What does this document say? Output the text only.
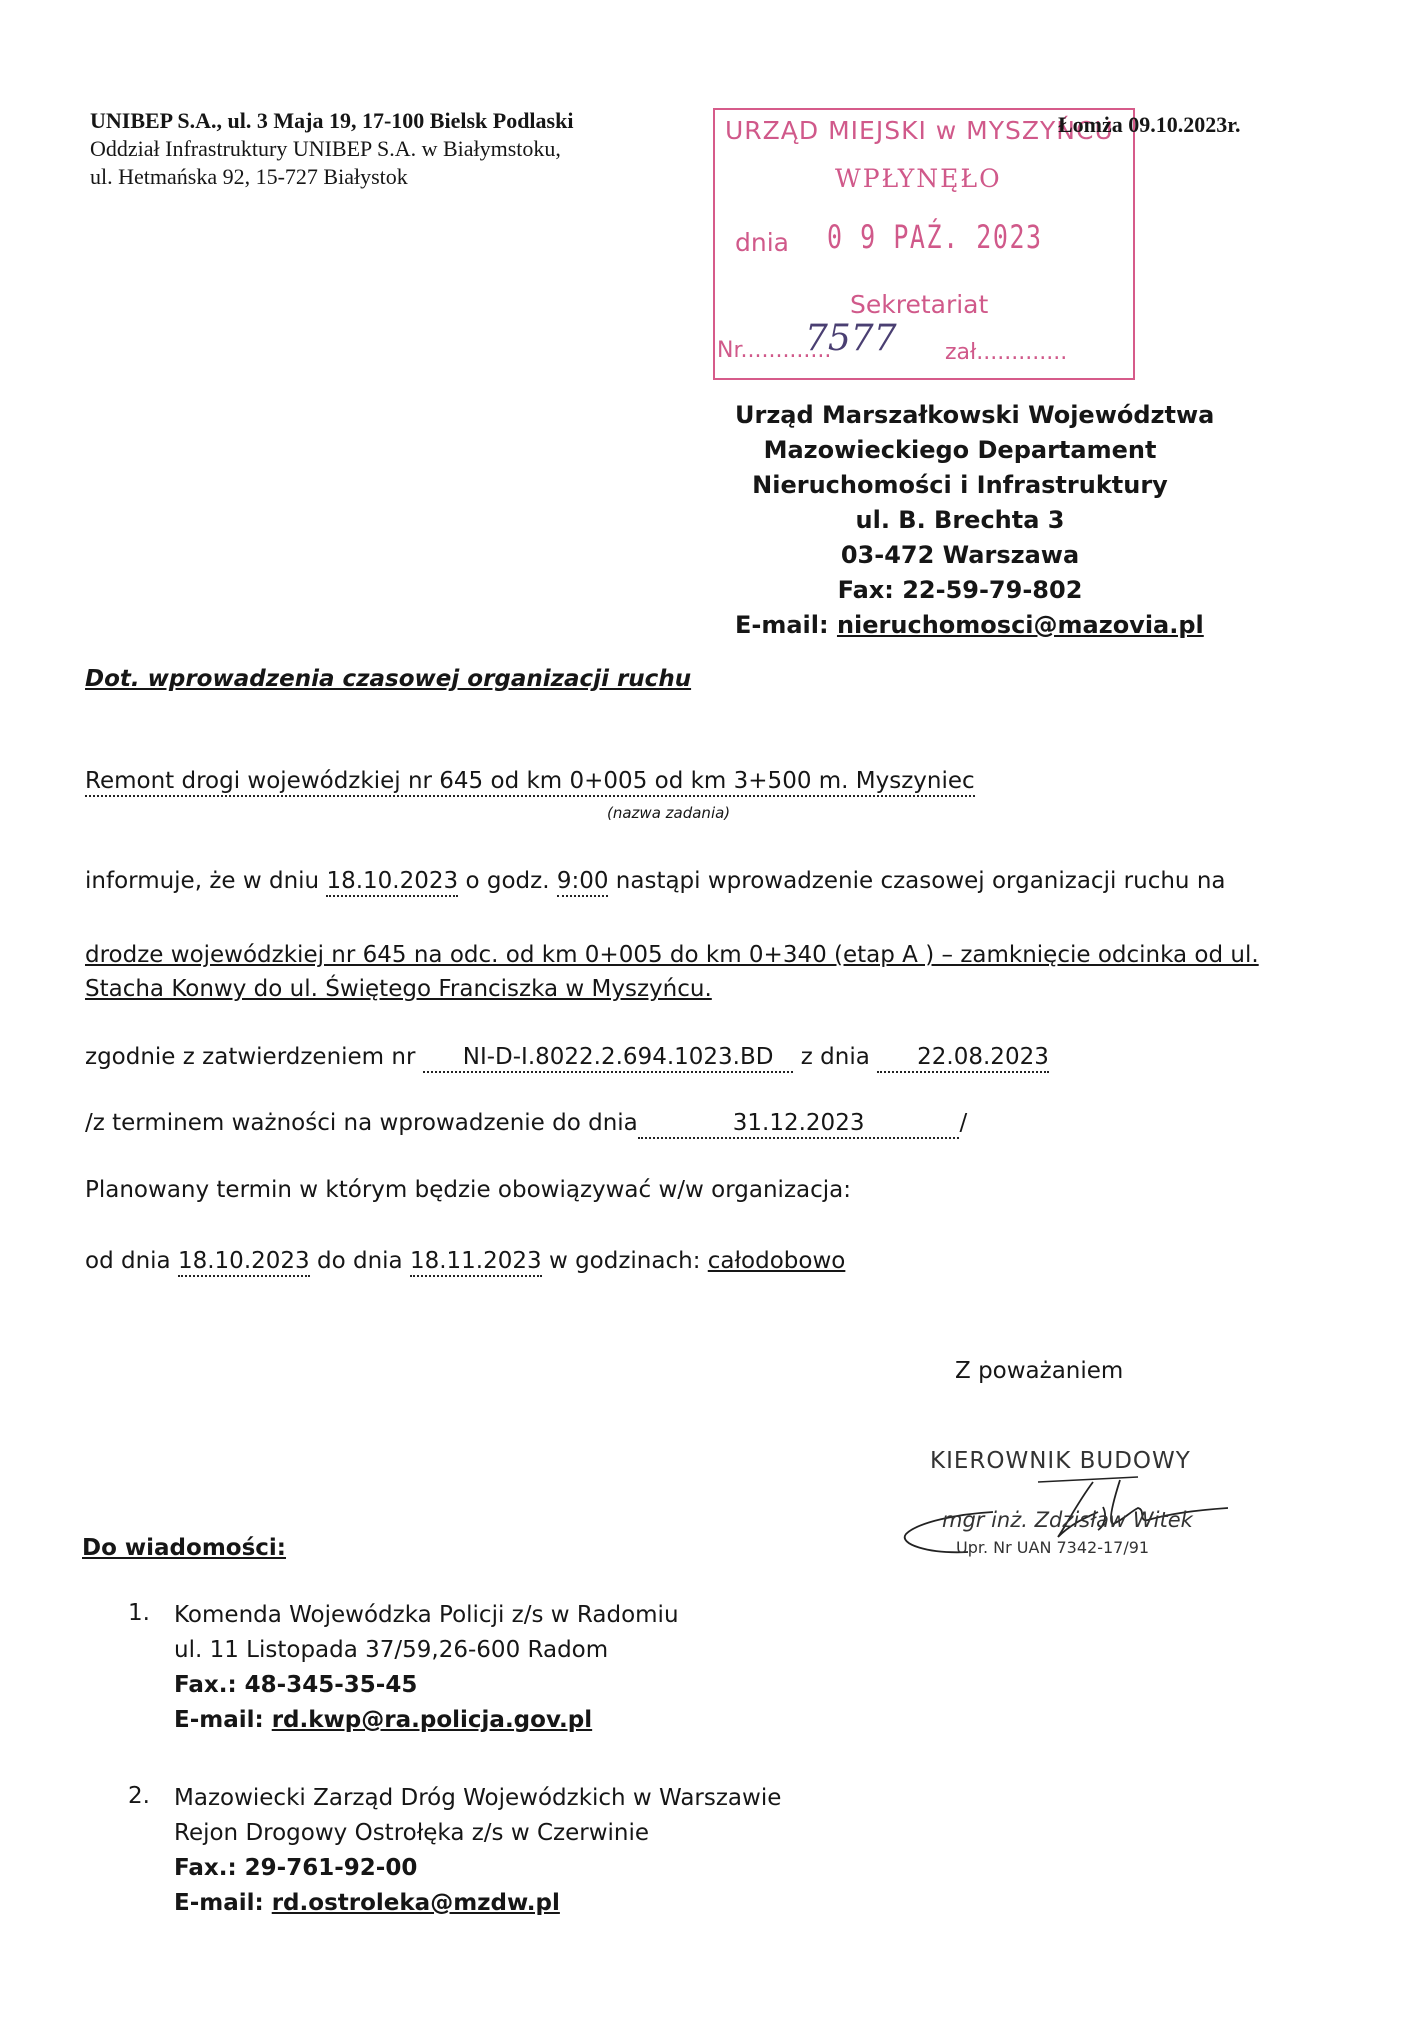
UNIBEP S.A., ul. 3 Maja 19, 17-100 Bielsk Podlaski
Oddział Infrastruktury UNIBEP S.A. w Białymstoku,
ul. Hetmańska 92, 15-727 Białystok
URZĄD MIEJSKI w MYSZYŃCU
WPŁYNĘŁO
dnia 0 9 PAŹ. 2023
Sekretariat
Nr.............
7577 zał.............
Łomża 09.10.2023r.
Urząd Marszałkowski Województwa
Mazowieckiego Departament
Nieruchomości i Infrastruktury
ul. B. Brechta 3
03-472 Warszawa
Fax: 22-59-79-802
E-mail: nieruchomosci@mazovia.pl
Dot. wprowadzenia czasowej organizacji ruchu
Remont drogi wojewódzkiej nr 645 od km 0+005 od km 3+500 m. Myszyniec
(nazwa zadania)
informuje, że w dniu 18.10.2023 o godz. 9:00 nastąpi wprowadzenie czasowej organizacji ruchu na
drodze wojewódzkiej nr 645 na odc. od km 0+005 do km 0+340 (etap A ) – zamknięcie odcinka od ul.
Stacha Konwy do ul. Świętego Franciszka w Myszyńcu.
zgodnie z zatwierdzeniem nr NI-D-I.8022.2.694.1023.BD z dnia 22.08.2023
/z terminem ważności na wprowadzenie do dnia	31.12.2023	/
Planowany termin w którym będzie obowiązywać w/w organizacja:
od dnia 18.10.2023 do dnia 18.11.2023 w godzinach: całodobowo
Z poważaniem
KIEROWNIK BUDOWY
mgr inż. Zdzisław Witek
Upr. Nr UAN 7342-17/91
Do wiadomości:
1. Komenda Wojewódzka Policji z/s w Radomiu
ul. 11 Listopada 37/59,26-600 Radom
Fax.: 48-345-35-45
E-mail: rd.kwp@ra.policja.gov.pl
2. Mazowiecki Zarząd Dróg Wojewódzkich w Warszawie
Rejon Drogowy Ostrołęka z/s w Czerwinie
Fax.: 29-761-92-00
E-mail: rd.ostroleka@mzdw.pl
